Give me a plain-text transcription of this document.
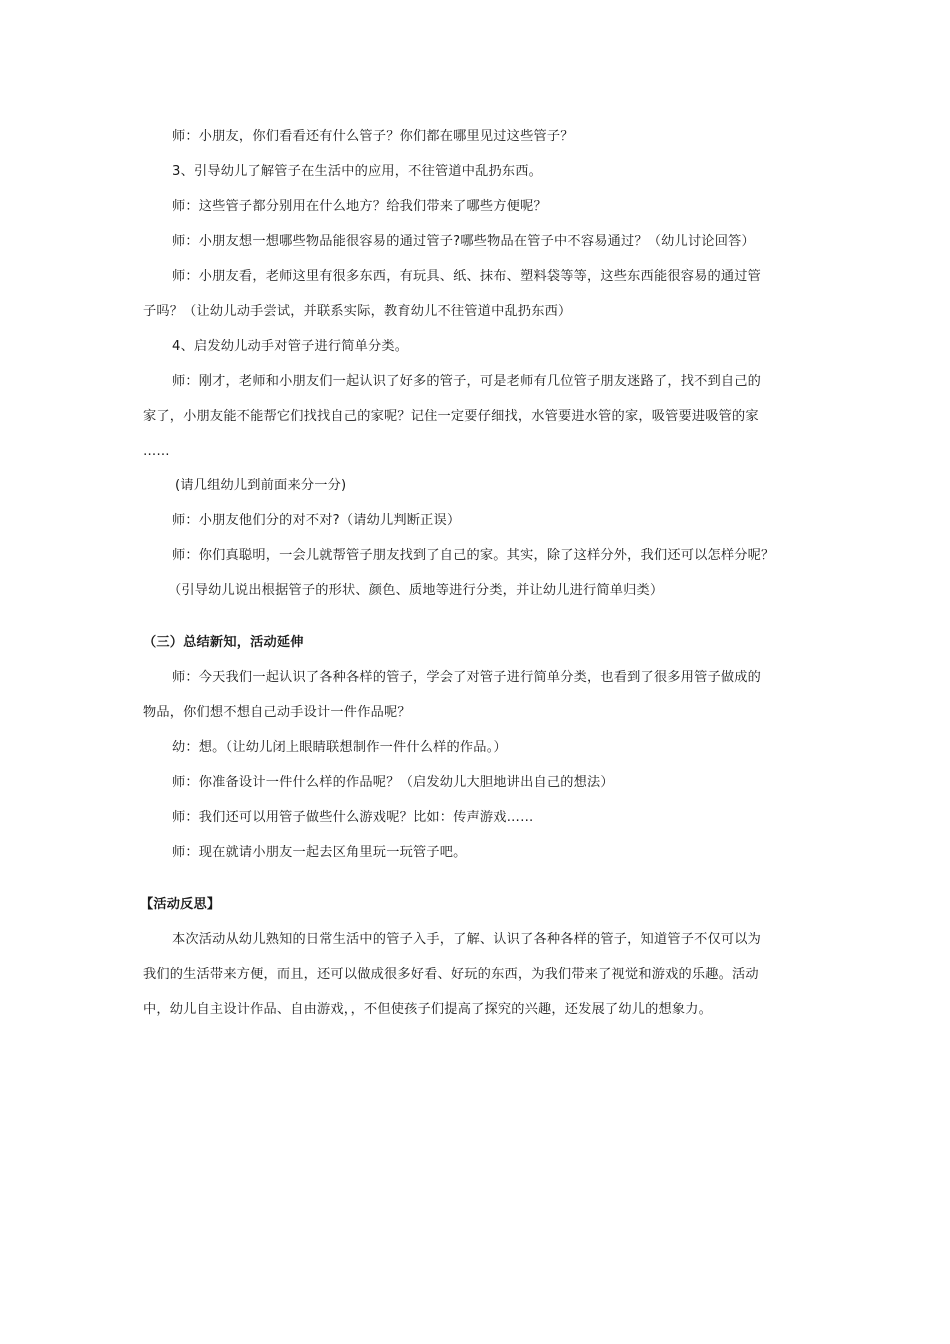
师：小朋友，你们看看还有什么管子？你们都在哪里见过这些管子？
3、引导幼儿了解管子在生活中的应用，不往管道中乱扔东西。
师：这些管子都分别用在什么地方？给我们带来了哪些方便呢？
师：小朋友想一想哪些物品能很容易的通过管子?哪些物品在管子中不容易通过？（幼儿讨论回答）
师：小朋友看，老师这里有很多东西，有玩具、纸、抹布、塑料袋等等，这些东西能很容易的通过管
子吗？（让幼儿动手尝试，并联系实际，教育幼儿不往管道中乱扔东西）
4、启发幼儿动手对管子进行简单分类。
师：刚才，老师和小朋友们一起认识了好多的管子，可是老师有几位管子朋友迷路了，找不到自己的
家了，小朋友能不能帮它们找找自己的家呢？记住一定要仔细找，水管要进水管的家，吸管要进吸管的家
……
(请几组幼儿到前面来分一分)
师：小朋友他们分的对不对?（请幼儿判断正误）
师：你们真聪明，一会儿就帮管子朋友找到了自己的家。其实，除了这样分外，我们还可以怎样分呢？
（引导幼儿说出根据管子的形状、颜色、质地等进行分类，并让幼儿进行简单归类）
（三）总结新知，活动延伸
师：今天我们一起认识了各种各样的管子，学会了对管子进行简单分类，也看到了很多用管子做成的
物品，你们想不想自己动手设计一件作品呢？
幼：想。（让幼儿闭上眼睛联想制作一件什么样的作品。）
师：你准备设计一件什么样的作品呢？（启发幼儿大胆地讲出自己的想法）
师：我们还可以用管子做些什么游戏呢？比如：传声游戏……
师：现在就请小朋友一起去区角里玩一玩管子吧。
【活动反思】
本次活动从幼儿熟知的日常生活中的管子入手，了解、认识了各种各样的管子，知道管子不仅可以为
我们的生活带来方便，而且，还可以做成很多好看、好玩的东西，为我们带来了视觉和游戏的乐趣。活动
中，幼儿自主设计作品、自由游戏，，不但使孩子们提高了探究的兴趣，还发展了幼儿的想象力。
